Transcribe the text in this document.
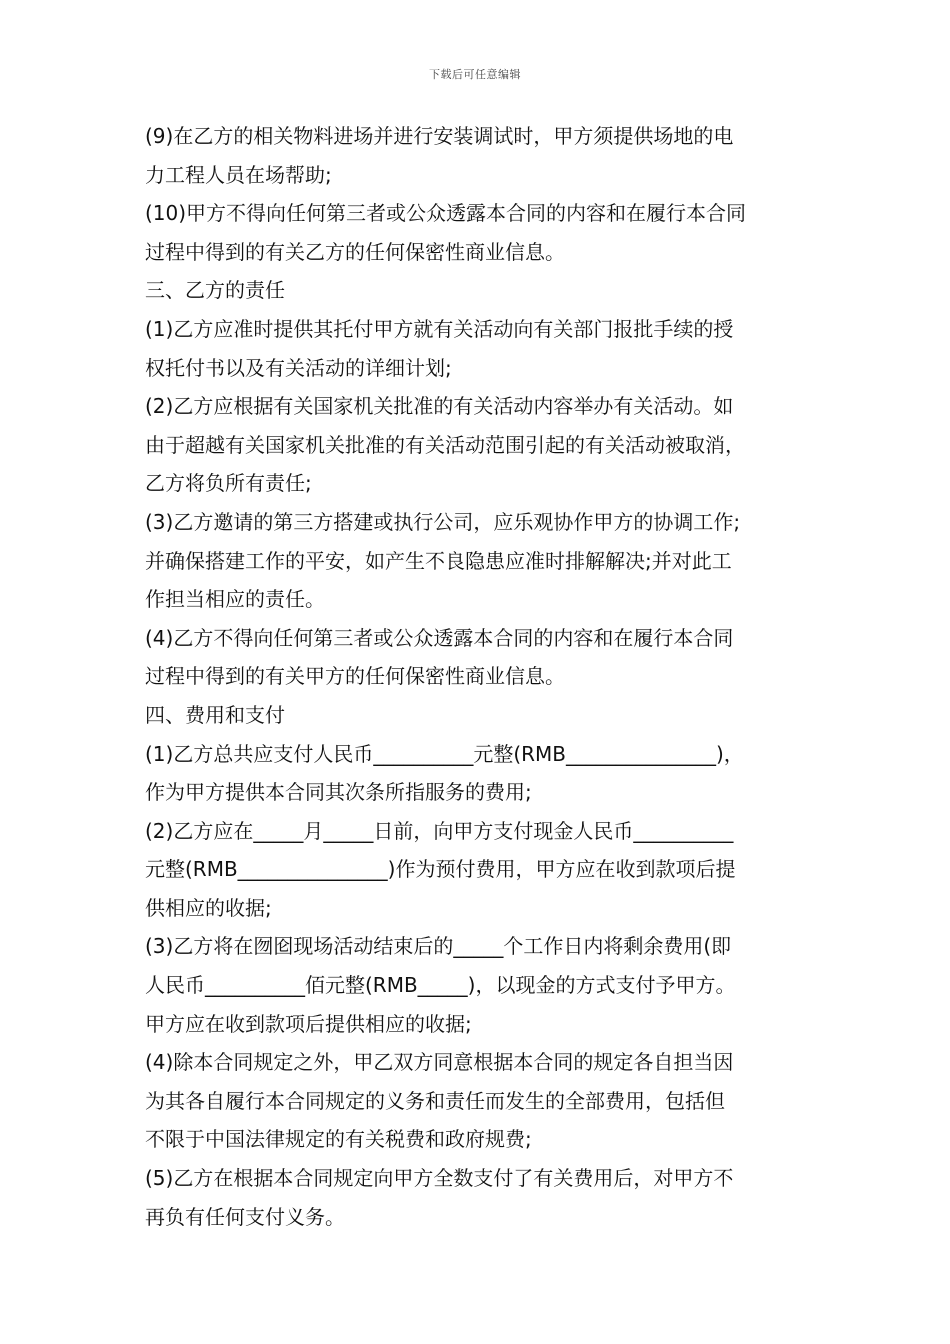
下载后可任意编辑
(9)在乙方的相关物料进场并进行安装调试时，甲方须提供场地的电
力工程人员在场帮助;
(10)甲方不得向任何第三者或公众透露本合同的内容和在履行本合同
过程中得到的有关乙方的任何保密性商业信息。
三、乙方的责任
(1)乙方应准时提供其托付甲方就有关活动向有关部门报批手续的授
权托付书以及有关活动的详细计划;
(2)乙方应根据有关国家机关批准的有关活动内容举办有关活动。如
由于超越有关国家机关批准的有关活动范围引起的有关活动被取消，
乙方将负所有责任;
(3)乙方邀请的第三方搭建或执行公司，应乐观协作甲方的协调工作;
并确保搭建工作的平安，如产生不良隐患应准时排解解决;并对此工
作担当相应的责任。
(4)乙方不得向任何第三者或公众透露本合同的内容和在履行本合同
过程中得到的有关甲方的任何保密性商业信息。
四、费用和支付
(1)乙方总共应支付人民币__________元整(RMB_______________)，
作为甲方提供本合同其次条所指服务的费用;
(2)乙方应在_____月_____日前，向甲方支付现金人民币__________
元整(RMB_______________)作为预付费用，甲方应在收到款项后提
供相应的收据;
(3)乙方将在囫囵现场活动结束后的_____个工作日内将剩余费用(即
人民币__________佰元整(RMB_____)，以现金的方式支付予甲方。
甲方应在收到款项后提供相应的收据;
(4)除本合同规定之外，甲乙双方同意根据本合同的规定各自担当因
为其各自履行本合同规定的义务和责任而发生的全部费用，包括但
不限于中国法律规定的有关税费和政府规费;
(5)乙方在根据本合同规定向甲方全数支付了有关费用后，对甲方不
再负有任何支付义务。
